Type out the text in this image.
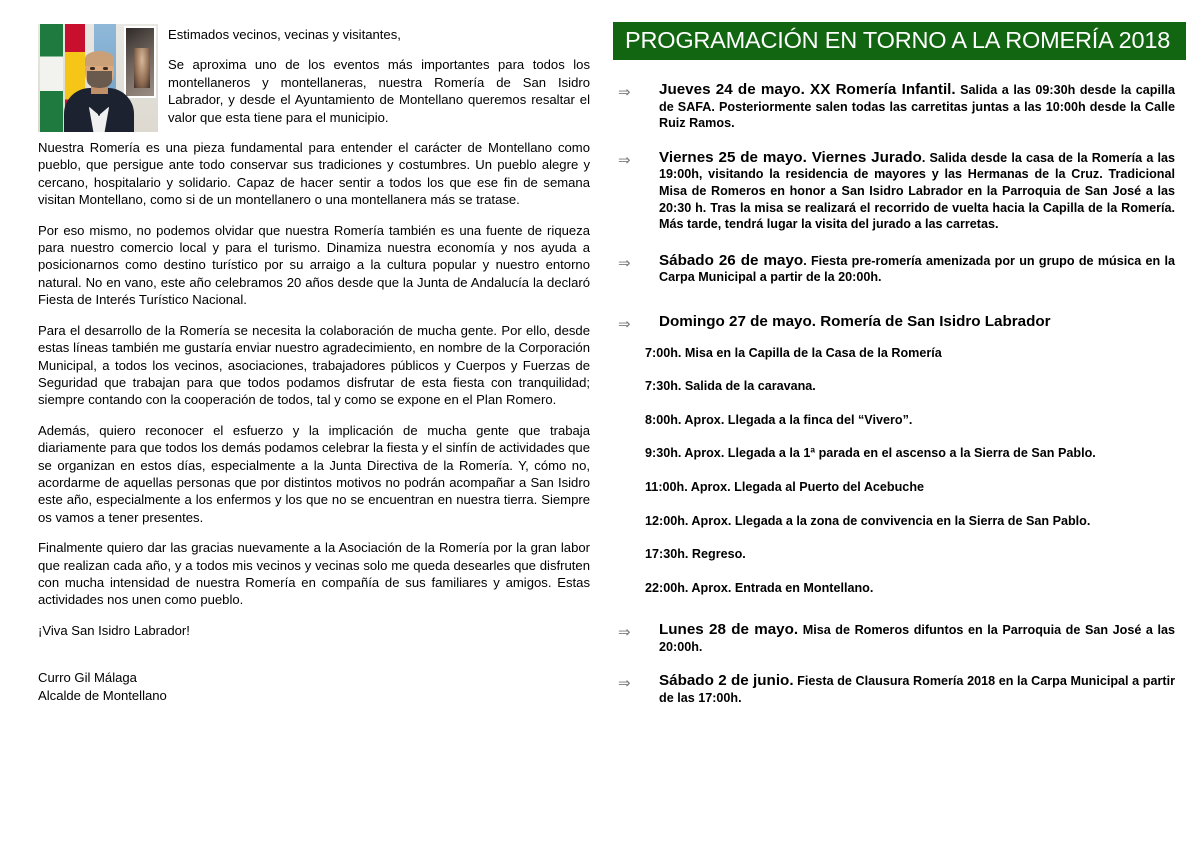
Estimados vecinos, vecinas y visitantes,

Se aproxima uno de los eventos más importantes para todos los montellaneros y montellaneras, nuestra Romería de San Isidro Labrador, y desde el Ayuntamiento de Montellano queremos resaltar el valor que esta tiene para el municipio.

Nuestra Romería es una pieza fundamental para entender el carácter de Montellano como pueblo, que persigue ante todo conservar sus tradiciones y costumbres. Un pueblo alegre y cercano, hospitalario y solidario. Capaz de hacer sentir a todos los que ese fin de semana visitan Montellano, como si de un montellanero o una montellanera más se tratase.

Por eso mismo, no podemos olvidar que nuestra Romería también es una fuente de riqueza para nuestro comercio local y para el turismo. Dinamiza nuestra economía y nos ayuda a posicionarnos como destino turístico por su arraigo a la cultura popular y nuestro entorno natural. No en vano, este año celebramos 20 años desde que la Junta de Andalucía la declaró Fiesta de Interés Turístico Nacional.

Para el desarrollo de la Romería se necesita la colaboración de mucha gente. Por ello, desde estas líneas también me gustaría enviar nuestro agradecimiento, en nombre de la Corporación Municipal, a todos los vecinos, asociaciones, trabajadores públicos y Cuerpos y Fuerzas de Seguridad que trabajan para que todos podamos disfrutar de esta fiesta con tranquilidad; siempre contando con la cooperación de todos, tal y como se expone en el Plan Romero.

Además, quiero reconocer el esfuerzo y la implicación de mucha gente que trabaja diariamente para que todos los demás podamos celebrar la fiesta y el sinfín de actividades que se organizan en estos días, especialmente a la Junta Directiva de la Romería. Y, cómo no, acordarme de aquellas personas que por distintos motivos no podrán acompañar a San Isidro este año, especialmente a los enfermos y los que no se encuentran en nuestra tierra. Siempre os vamos a tener presentes.

Finalmente quiero dar las gracias nuevamente a la Asociación de la Romería por la gran labor que realizan cada año, y a todos mis vecinos y vecinas solo me queda desearles que disfruten con mucha intensidad de nuestra Romería en compañía de sus familiares y amigos. Estas actividades nos unen como pueblo.

¡Viva San Isidro Labrador!

Curro Gil Málaga
Alcalde de Montellano
PROGRAMACIÓN EN TORNO A LA ROMERÍA 2018
⇒ Jueves 24 de mayo. XX Romería Infantil. Salida a las 09:30h desde la capilla de SAFA. Posteriormente salen todas las carretitas juntas a las 10:00h desde la Calle Ruiz Ramos.
⇒ Viernes 25 de mayo. Viernes Jurado. Salida desde la casa de la Romería a las 19:00h, visitando la residencia de mayores y las Hermanas de la Cruz. Tradicional Misa de Romeros en honor a San Isidro Labrador en la Parroquia de San José a las 20:30 h. Tras la misa se realizará el recorrido de vuelta hacia la Capilla de la Romería. Más tarde, tendrá lugar la visita del jurado a las carretas.
⇒ Sábado 26 de mayo. Fiesta pre-romería amenizada por un grupo de música en la Carpa Municipal a partir de la 20:00h.
⇒ Domingo 27 de mayo. Romería de San Isidro Labrador
7:00h. Misa en la Capilla de la Casa de la Romería
7:30h. Salida de la caravana.
8:00h. Aprox. Llegada a la finca del “Vivero”.
9:30h. Aprox. Llegada a la 1ª parada en el ascenso a la Sierra de San Pablo.
11:00h. Aprox. Llegada al Puerto del Acebuche
12:00h. Aprox. Llegada a la zona de convivencia en la Sierra de San Pablo.
17:30h. Regreso.
22:00h. Aprox. Entrada en Montellano.
⇒ Lunes 28 de mayo. Misa de Romeros difuntos en la Parroquia de San José a las 20:00h.
⇒ Sábado 2 de junio. Fiesta de Clausura Romería 2018 en la Carpa Municipal a partir de las 17:00h.
